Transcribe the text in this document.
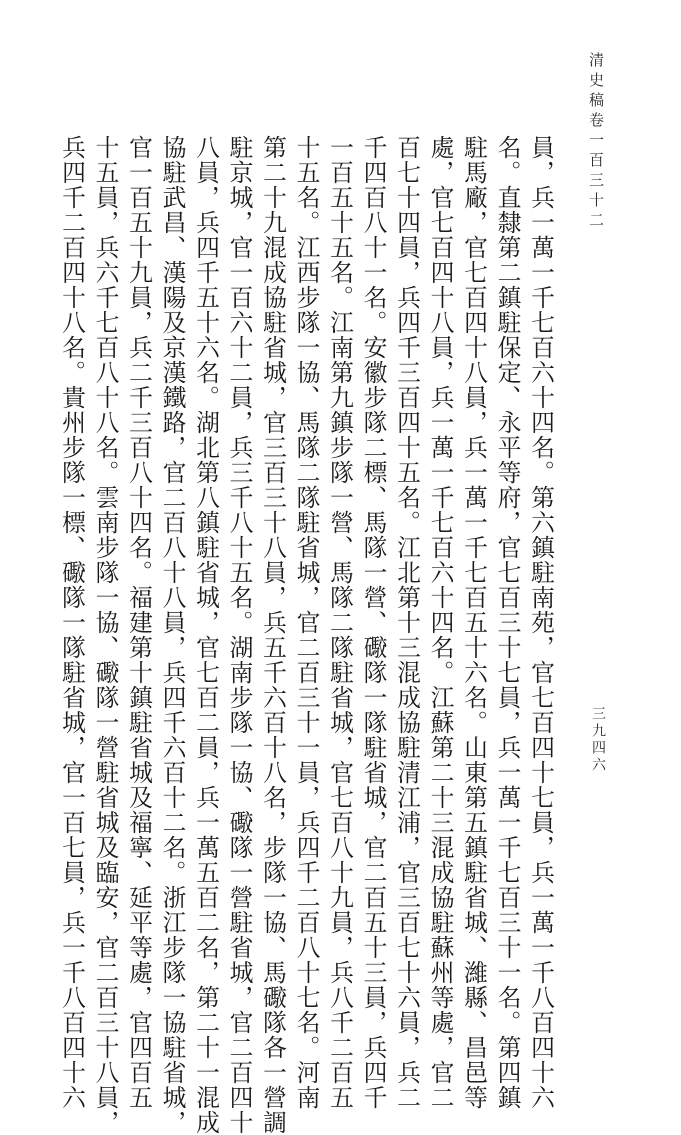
清史稿卷一百三十二
三九四六
員，兵一萬一千七百六十四名。第六鎮駐南苑，官七百四十七員，兵一萬一千八百四十六
名。直隸第二鎮駐保定、永平等府，官七百三十七員，兵一萬一千七百三十一名。第四鎮
駐馬廠，官七百四十八員，兵一萬一千七百五十六名。山東第五鎮駐省城、濰縣、昌邑等
處，官七百四十八員，兵一萬一千七百六十四名。江蘇第二十三混成協駐蘇州等處，官二
百七十四員，兵四千三百四十五名。江北第十三混成協駐清江浦，官三百七十六員，兵二
千四百八十一名。安徽步隊二標、馬隊一營、礮隊一隊駐省城，官二百五十三員，兵四千
一百五十五名。江南第九鎮步隊一營、馬隊二隊駐省城，官七百八十九員，兵八千二百五
十五名。江西步隊一協、馬隊二隊駐省城，官二百三十一員，兵四千二百八十七名。河南
第二十九混成協駐省城，官三百三十八員，兵五千六百十八名，步隊一協、馬礮隊各一營調
駐京城，官一百六十二員，兵三千八十五名。湖南步隊一協、礮隊一營駐省城，官二百四十
八員，兵四千五十六名。湖北第八鎮駐省城，官七百二員，兵一萬五百二名，第二十一混成
協駐武昌、漢陽及京漢鐵路，官二百八十八員，兵四千六百十二名。浙江步隊一協駐省城，
官一百五十九員，兵二千三百八十四名。福建第十鎮駐省城及福寧、延平等處，官四百五
十五員，兵六千七百八十八名。雲南步隊一協、礮隊一營駐省城及臨安，官二百三十八員，
兵四千二百四十八名。貴州步隊一標、礮隊一隊駐省城，官一百七員，兵一千八百四十六
